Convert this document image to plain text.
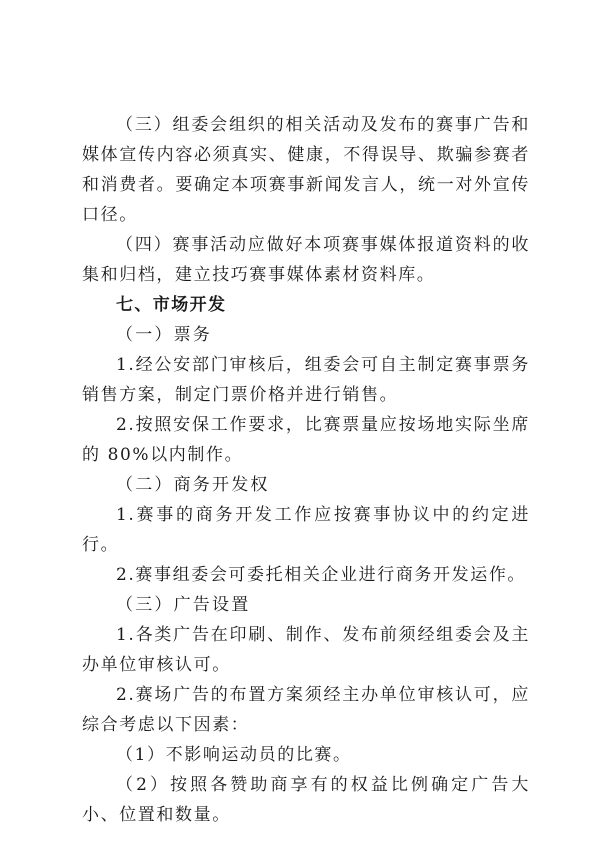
（三）组委会组织的相关活动及发布的赛事广告和媒体宣传内容必须真实、健康，不得误导、欺骗参赛者和消费者。要确定本项赛事新闻发言人，统一对外宣传口径。

（四）赛事活动应做好本项赛事媒体报道资料的收集和归档，建立技巧赛事媒体素材资料库。

七、市场开发

（一）票务

1.经公安部门审核后，组委会可自主制定赛事票务销售方案，制定门票价格并进行销售。

2.按照安保工作要求，比赛票量应按场地实际坐席的 80%以内制作。

（二）商务开发权

1.赛事的商务开发工作应按赛事协议中的约定进行。

2.赛事组委会可委托相关企业进行商务开发运作。

（三）广告设置

1.各类广告在印刷、制作、发布前须经组委会及主办单位审核认可。

2.赛场广告的布置方案须经主办单位审核认可，应综合考虑以下因素：

（1）不影响运动员的比赛。

（2）按照各赞助商享有的权益比例确定广告大小、位置和数量。
